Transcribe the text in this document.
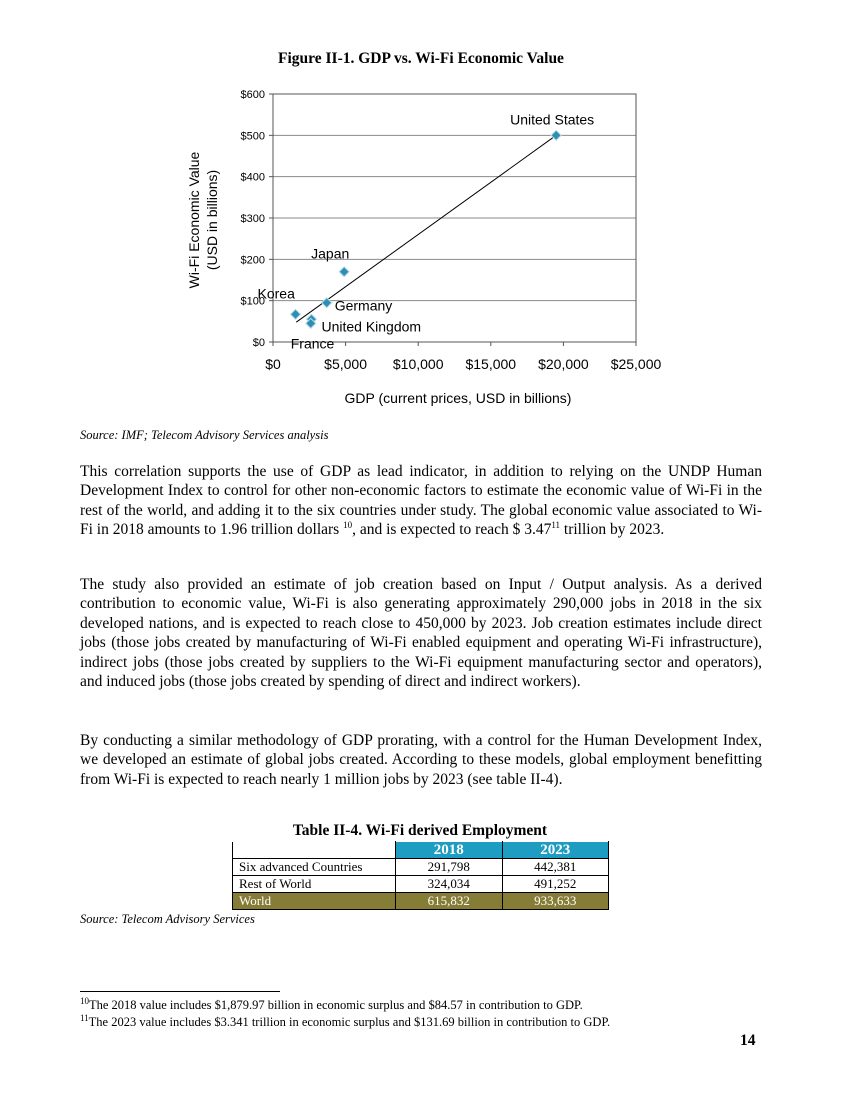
Figure II-1. GDP vs. Wi-Fi Economic Value
$0
$100
$200
$300
$400
$500
$600
$0	$5,000 $10,000 $15,000 $20,000 $25,000
United States
Japan
Germany
United Kingdom
France
Korea
GDP (current prices, USD in billions)
Wi-Fi Economic Value (USD in billions)
Source: IMF; Telecom Advisory Services analysis

This correlation supports the use of GDP as lead indicator, in addition to relying on the UNDP Human Development Index to control for other non-economic factors to estimate the economic value of Wi-Fi in the rest of the world, and adding it to the six countries under study. The global economic value associated to Wi-Fi in 2018 amounts to 1.96 trillion dollars $^{10}$, and is expected to reach $ 3.47$^{11}$ trillion by 2023.

The study also provided an estimate of job creation based on Input / Output analysis. As a derived contribution to economic value, Wi-Fi is also generating approximately 290,000 jobs in 2018 in the six developed nations, and is expected to reach close to 450,000 by 2023. Job creation estimates include direct jobs (those jobs created by manufacturing of Wi-Fi enabled equipment and operating Wi-Fi infrastructure), indirect jobs (those jobs created by suppliers to the Wi-Fi equipment manufacturing sector and operators), and induced jobs (those jobs created by spending of direct and indirect workers).

By conducting a similar methodology of GDP prorating, with a control for the Human Development Index, we developed an estimate of global jobs created. According to these models, global employment benefitting from Wi-Fi is expected to reach nearly 1 million jobs by 2023 (see table II-4).

Table II-4. Wi-Fi derived Employment
	2018	2023
Six advanced Countries	291,798	442,381
Rest of World	324,034	491,252
World	615,832	933,633
Source: Telecom Advisory Services
$^{10}$The 2018 value includes $1,879.97 billion in economic surplus and $84.57 in contribution to GDP.
$^{11}$The 2023 value includes $3.341 trillion in economic surplus and $131.69 billion in contribution to GDP.
14
